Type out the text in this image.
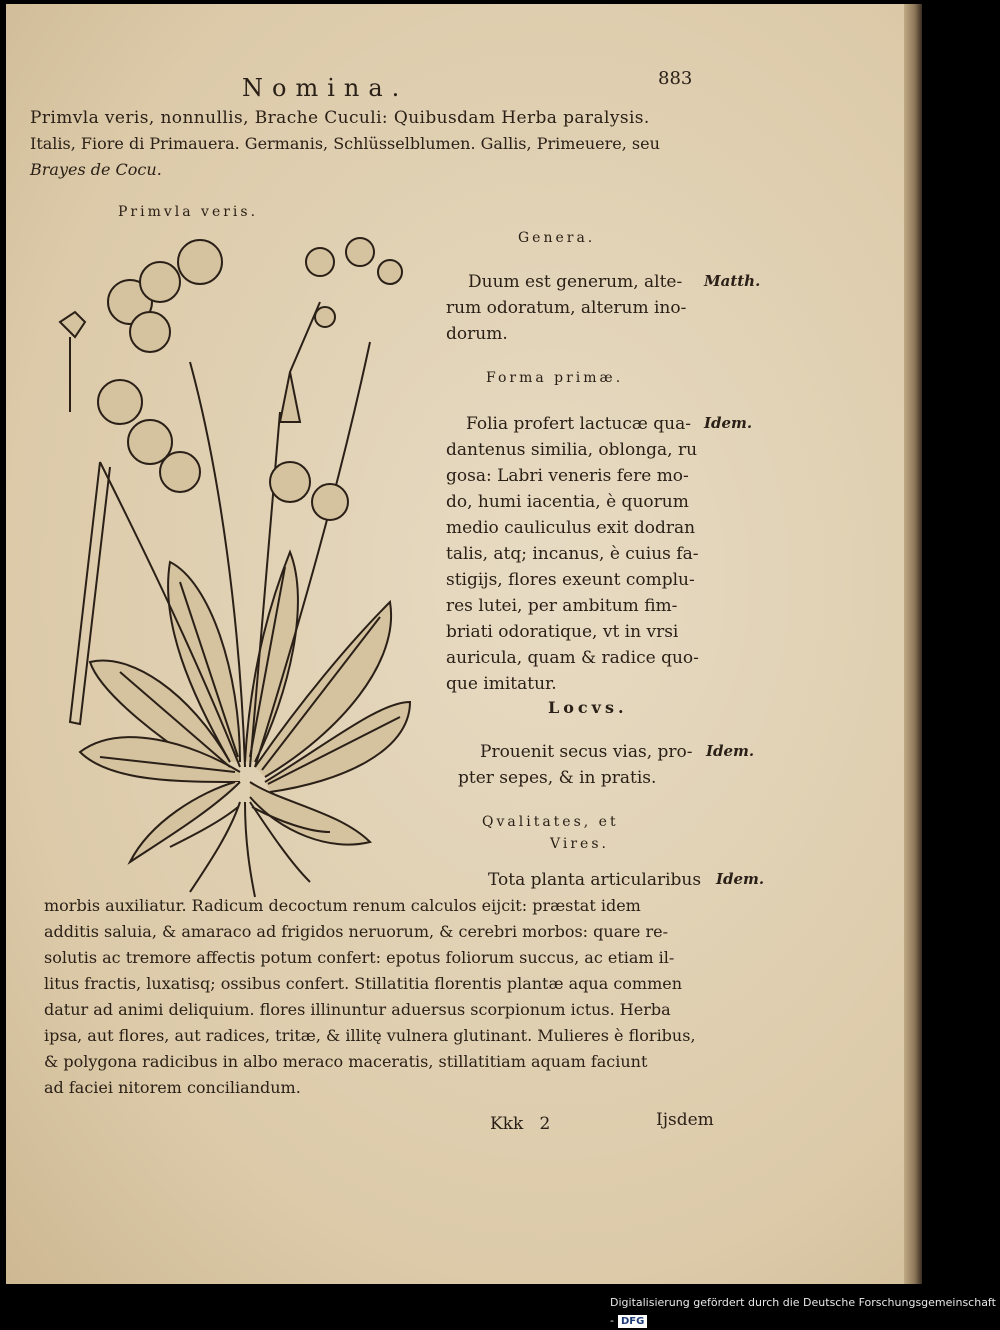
Nomina.	883
Primvla veris, nonnullis, Brache Cuculi: Quibusdam Herba paralysis.
Italis, Fiore di Primauera. Germanis, Schlüsselblumen. Gallis, Primeuere, seu
Brayes de Cocu.
Primvla veris.
Genera.
Duum est generum, alte-
rum odoratum, alterum ino-
dorum.
Matth.
Forma primæ.
Folia profert lactucæ qua-
dantenus similia, oblonga, ru
gosa: Labri veneris fere mo-
do, humi iacentia, è quorum
medio cauliculus exit dodran
talis, atq; incanus, è cuius fa-
stigijs, flores exeunt complu-
res lutei, per ambitum fim-
briati odoratique, vt in vrsi
auricula, quam & radice quo-
que imitatur.
Idem.
Locvs.
Prouenit secus vias, pro-
pter sepes, & in pratis.
Idem.
Qvalitates, et
Vires.
Tota planta articularibus Idem.
morbis auxiliatur. Radicum decoctum renum calculos eijcit: præstat idem
additis saluia, & amaraco ad frigidos neruorum, & cerebri morbos: quare re-
solutis ac tremore affectis potum confert: epotus foliorum succus, ac etiam il-
litus fractis, luxatisq; ossibus confert. Stillatitia florentis plantæ aqua commen
datur ad animi deliquium. flores illinuntur aduersus scorpionum ictus. Herba
ipsa, aut flores, aut radices, tritæ, & illitę vulnera glutinant. Mulieres è floribus,
& polygona radicibus in albo meraco maceratis, stillatitiam aquam faciunt
ad faciei nitorem conciliandum.
Kkk   2	Ijsdem
Digitalisierung gefördert durch die Deutsche Forschungsgemeinschaft - DFG
